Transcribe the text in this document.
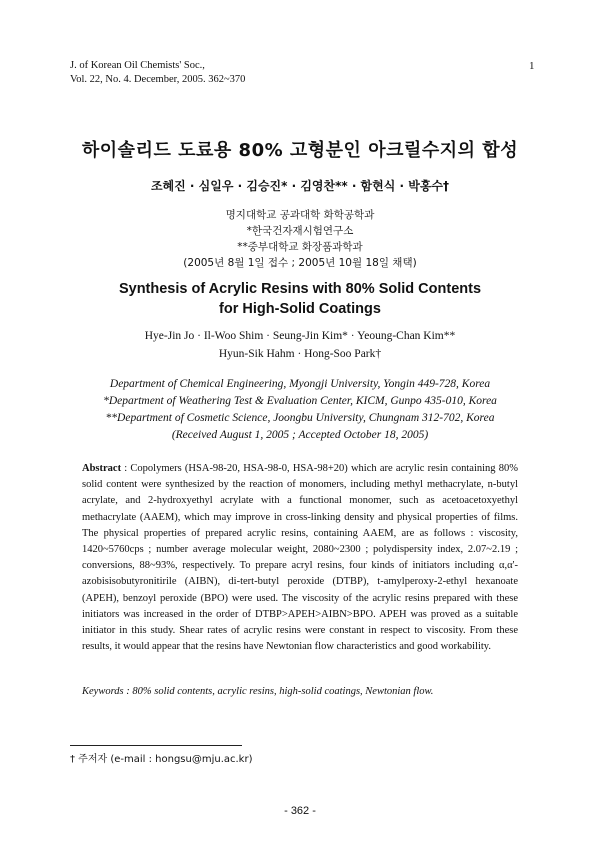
J. of Korean Oil Chemists' Soc.,
Vol. 22, No. 4. December, 2005. 362~370
1
하이솔리드 도료용 80% 고형분인 아크릴수지의 합성
조혜진 · 심일우 · 김승진* · 김영찬** · 함현식 · 박홍수†
명지대학교 공과대학 화학공학과
*한국건자재시험연구소
**중부대학교 화장품과학과
(2005년 8월 1일 접수 ; 2005년 10월 18일 채택)
Synthesis of Acrylic Resins with 80% Solid Contents
for High-Solid Coatings
Hye-Jin Jo · Il-Woo Shim · Seung-Jin Kim* · Yeoung-Chan Kim**
Hyun-Sik Hahm · Hong-Soo Park†
Department of Chemical Engineering, Myongji University, Yongin 449-728, Korea
*Department of Weathering Test & Evaluation Center, KICM, Gunpo 435-010, Korea
**Department of Cosmetic Science, Joongbu University, Chungnam 312-702, Korea
(Received August 1, 2005 ; Accepted October 18, 2005)
Abstract : Copolymers (HSA-98-20, HSA-98-0, HSA-98+20) which are acrylic resin containing 80% solid content were synthesized by the reaction of monomers, including methyl methacrylate, n-butyl acrylate, and 2-hydroxyethyl acrylate with a functional monomer, such as acetoacetoxyethyl methacrylate (AAEM), which may improve in cross-linking density and physical properties of films. The physical properties of prepared acrylic resins, containing AAEM, are as follows : viscosity, 1420~5760cps ; number average molecular weight, 2080~2300 ; polydispersity index, 2.07~2.19 ; conversions, 88~93%, respectively. To prepare acryl resins, four kinds of initiators including α,α'-azobisisobutyronitirile (AIBN), di-tert-butyl peroxide (DTBP), t-amylperoxy-2-ethyl hexanoate (APEH), benzoyl peroxide (BPO) were used. The viscosity of the acrylic resins prepared with these initiators was increased in the order of DTBP>APEH>AIBN>BPO. APEH was proved as a suitable initiator in this study. Shear rates of acrylic resins were constant in respect to viscosity. From these results, it would appear that the resins have Newtonian flow characteristics and good workability.
Keywords : 80% solid contents, acrylic resins, high-solid coatings, Newtonian flow.
† 주저자 (e-mail : hongsu@mju.ac.kr)
- 362 -
